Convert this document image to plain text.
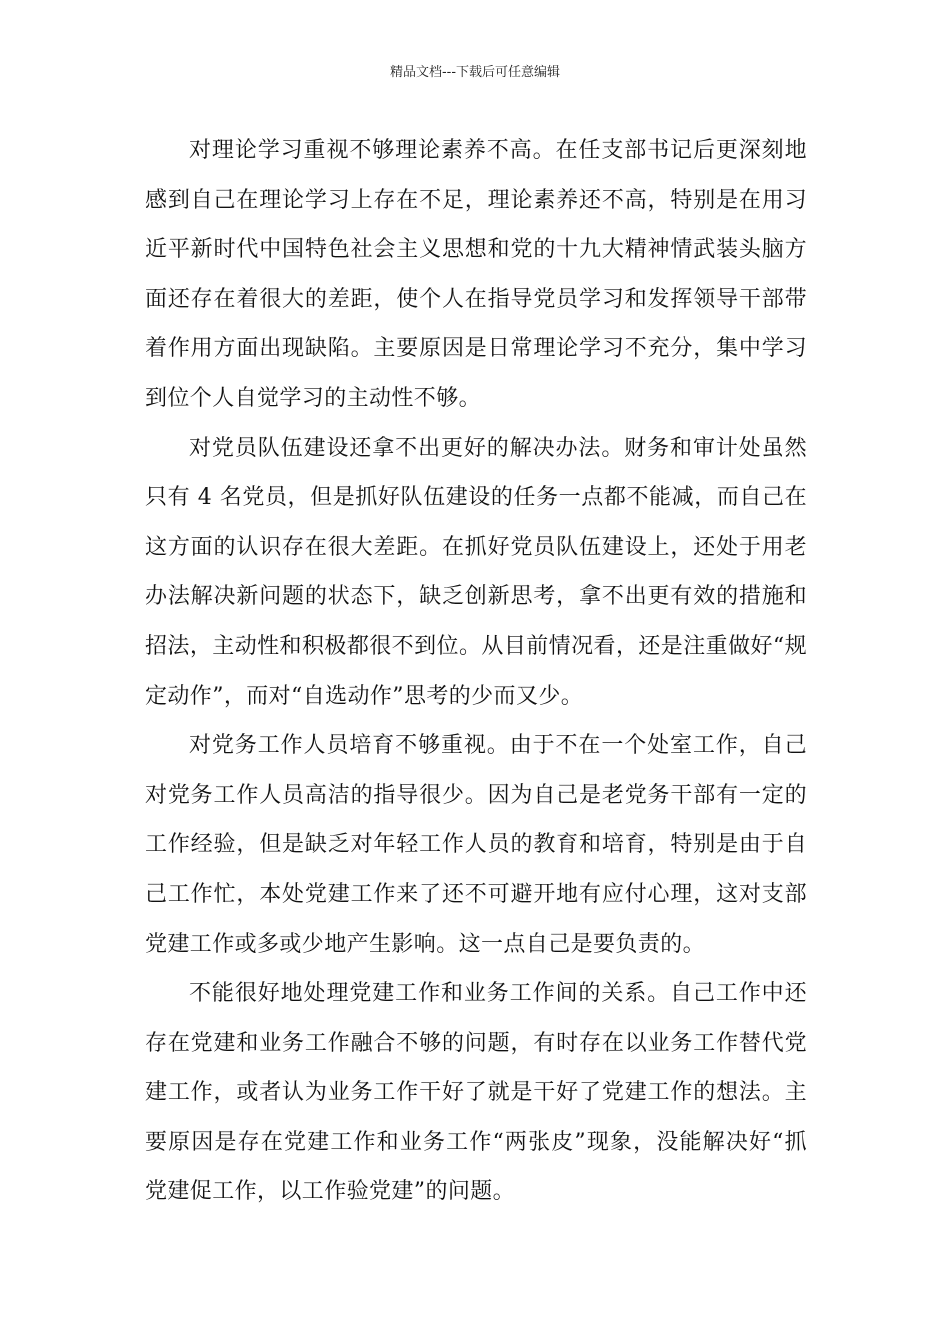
精品文档---下载后可任意编辑

对理论学习重视不够理论素养不高。在任支部书记后更深刻地感到自己在理论学习上存在不足，理论素养还不高，特别是在用习近平新时代中国特色社会主义思想和党的十九大精神情武装头脑方面还存在着很大的差距，使个人在指导党员学习和发挥领导干部带着作用方面出现缺陷。主要原因是日常理论学习不充分，集中学习到位个人自觉学习的主动性不够。

对党员队伍建设还拿不出更好的解决办法。财务和审计处虽然只有 4 名党员，但是抓好队伍建设的任务一点都不能减，而自己在这方面的认识存在很大差距。在抓好党员队伍建设上，还处于用老办法解决新问题的状态下，缺乏创新思考，拿不出更有效的措施和招法，主动性和积极都很不到位。从目前情况看，还是注重做好“规定动作”，而对“自选动作”思考的少而又少。

对党务工作人员培育不够重视。由于不在一个处室工作，自己对党务工作人员高洁的指导很少。因为自己是老党务干部有一定的工作经验，但是缺乏对年轻工作人员的教育和培育，特别是由于自己工作忙，本处党建工作来了还不可避开地有应付心理，这对支部党建工作或多或少地产生影响。这一点自己是要负责的。

不能很好地处理党建工作和业务工作间的关系。自己工作中还存在党建和业务工作融合不够的问题，有时存在以业务工作替代党建工作，或者认为业务工作干好了就是干好了党建工作的想法。主要原因是存在党建工作和业务工作“两张皮”现象，没能解决好“抓党建促工作，以工作验党建”的问题。
